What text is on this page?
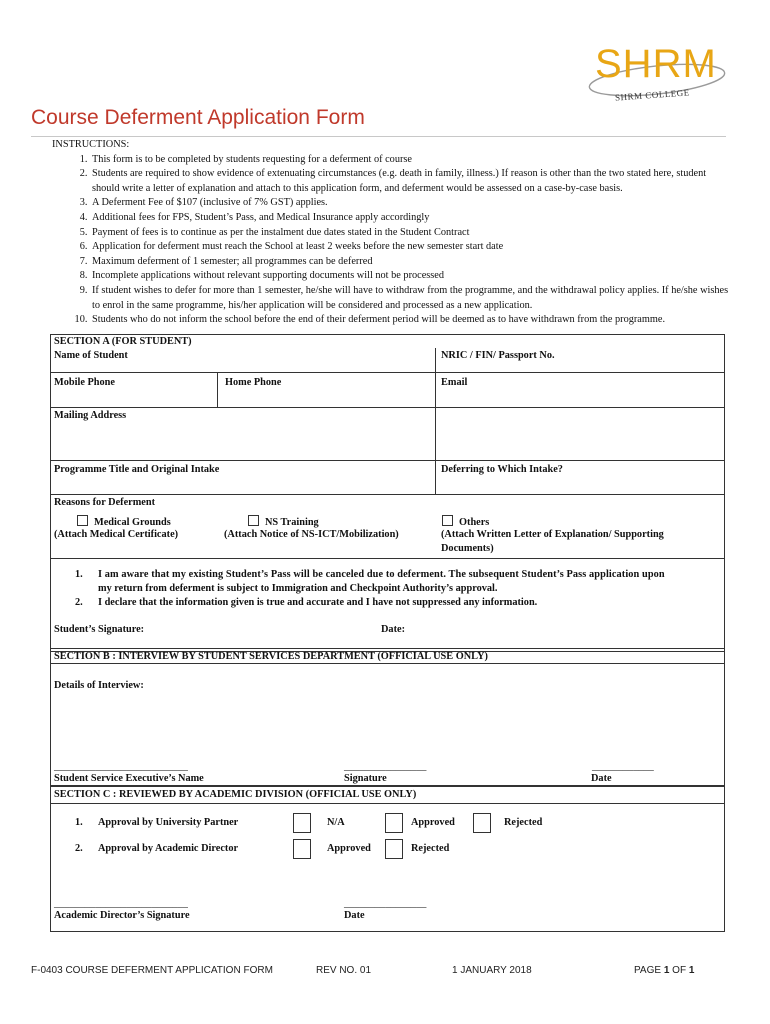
SHRM
SHRM COLLEGE
Course Deferment Application Form
INSTRUCTIONS:
1. This form is to be completed by students requesting for a deferment of course
2. Students are required to show evidence of extenuating circumstances (e.g. death in family, illness.) If reason is other than the two stated here, student should write a letter of explanation and attach to this application form, and deferment would be assessed on a case-by-case basis.
3. A Deferment Fee of $107 (inclusive of 7% GST) applies.
4. Additional fees for FPS, Student’s Pass, and Medical Insurance apply accordingly
5. Payment of fees is to continue as per the instalment due dates stated in the Student Contract
6. Application for deferment must reach the School at least 2 weeks before the new semester start date
7. Maximum deferment of 1 semester; all programmes can be deferred
8. Incomplete applications without relevant supporting documents will not be processed
9. If student wishes to defer for more than 1 semester, he/she will have to withdraw from the programme, and the withdrawal policy applies. If he/she wishes to enrol in the same programme, his/her application will be considered and processed as a new application.
10. Students who do not inform the school before the end of their deferment period will be deemed as to have withdrawn from the programme.
SECTION A (FOR STUDENT)
Name of Student	NRIC / FIN/ Passport No.
Mobile Phone	Home Phone	Email
Mailing Address
Programme Title and Original Intake	Deferring to Which Intake?
Reasons for Deferment
Medical Grounds
(Attach Medical Certificate)
NS Training
(Attach Notice of NS-ICT/Mobilization)
Others
(Attach Written Letter of Explanation/ Supporting
Documents)
1. I am aware that my existing Student’s Pass will be canceled due to deferment. The subsequent Student’s Pass application upon
my return from deferment is subject to Immigration and Checkpoint Authority’s approval.
2. I declare that the information given is true and accurate and I have not suppressed any information.
Student’s Signature:	Date:
SECTION B : INTERVIEW BY STUDENT SERVICES DEPARTMENT (OFFICIAL USE ONLY)
Details of Interview:
__________________________	________________	____________
Student Service Executive’s Name	Signature	Date
SECTION C : REVIEWED BY ACADEMIC DIVISION (OFFICIAL USE ONLY)
1. Approval by University Partner	N/A	Approved	Rejected
2. Approval by Academic Director	Approved	Rejected
__________________________	________________
Academic Director’s Signature	Date
F-0403 COURSE DEFERMENT APPLICATION FORM	REV NO. 01	1 JANUARY 2018	PAGE 1 OF 1
